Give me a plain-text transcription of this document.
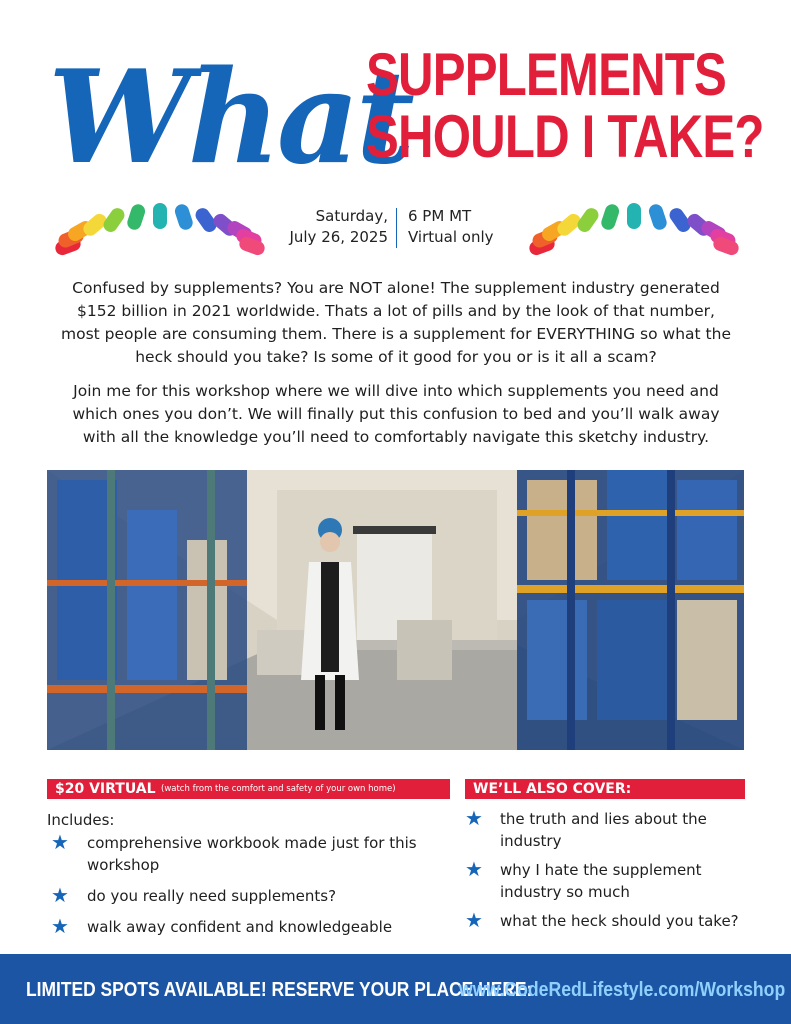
What
SUPPLEMENTS
SHOULD I TAKE?
Saturday,
July 26, 2025
6 PM MT
Virtual only
Confused by supplements? You are NOT alone! The supplement industry generated $152 billion in 2021 worldwide. Thats a lot of pills and by the look of that number, most people are consuming them. There is a supplement for EVERYTHING so what the heck should you take? Is some of it good for you or is it all a scam?
Join me for this workshop where we will dive into which supplements you need and which ones you don’t. We will finally put this confusion to bed and you’ll walk away with all the knowledge you’ll need to comfortably navigate this sketchy industry.
$20 VIRTUAL (watch from the comfort and safety of your own home)	WE’LL ALSO COVER:
Includes:
★ comprehensive workbook made just for this workshop
★ do you really need supplements?
★ walk away confident and knowledgeable
★ the truth and lies about the industry
★ why I hate the supplement industry so much
★ what the heck should you take?
LIMITED SPOTS AVAILABLE! RESERVE YOUR PLACE HERE:
www.CodeRedLifestyle.com/Workshop
